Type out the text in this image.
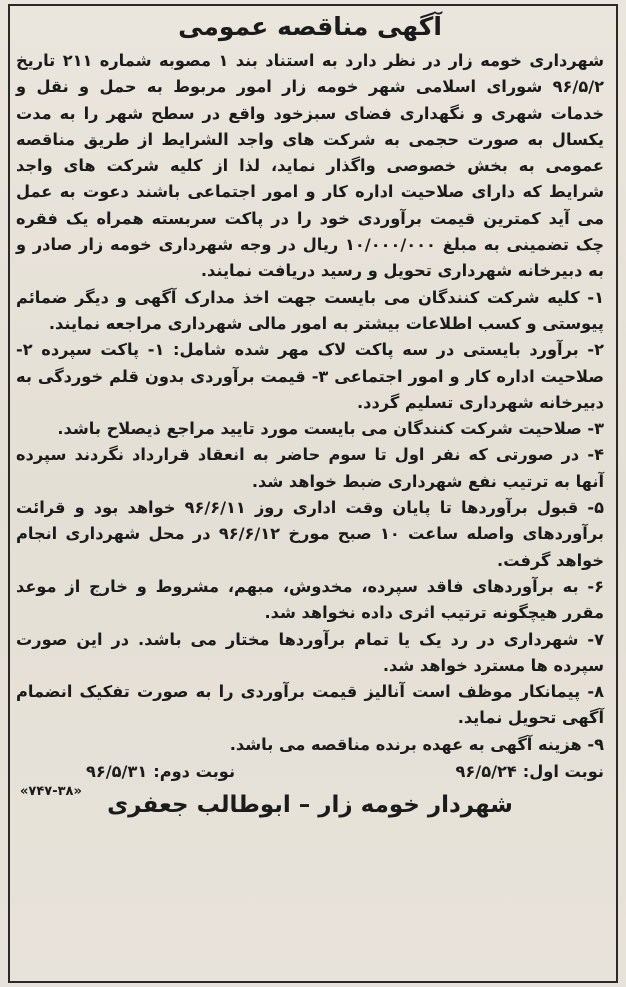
آگهی مناقصه عمومی

شهرداری خومه زار در نظر دارد به استناد بند ۱ مصوبه شماره ۲۱۱ تاریخ ۹۶/۵/۲ شورای اسلامی شهر خومه زار امور مربوط به حمل و نقل و خدمات شهری و نگهداری فضای سبزخود واقع در سطح شهر را به مدت یکسال به صورت حجمی به شرکت های واجد الشرایط از طریق مناقصه عمومی به بخش خصوصی واگذار نماید، لذا از کلیه شرکت های واجد شرایط که دارای صلاحیت اداره کار و امور اجتماعی باشند دعوت به عمل می آید کمترین قیمت برآوردی خود را در پاکت سربسته همراه یک فقره چک تضمینی به مبلغ ۱۰/۰۰۰/۰۰۰ ریال در وجه شهرداری خومه زار صادر و به دبیرخانه شهرداری تحویل و رسید دریافت نمایند.

۱- کلیه شرکت کنندگان می بایست جهت اخذ مدارک آگهی و دیگر ضمائم پیوستی و کسب اطلاعات بیشتر به امور مالی شهرداری مراجعه نمایند.

۲- برآورد بایستی در سه پاکت لاک مهر شده شامل: ۱- پاکت سپرده ۲- صلاحیت اداره کار و امور اجتماعی ۳- قیمت برآوردی بدون قلم خوردگی به دبیرخانه شهرداری تسلیم گردد.

۳- صلاحیت شرکت کنندگان می بایست مورد تایید مراجع ذیصلاح باشد.

۴- در صورتی که نفر اول تا سوم حاضر به انعقاد قرارداد نگردند سپرده آنها به ترتیب نفع شهرداری ضبط خواهد شد.

۵- قبول برآوردها تا پایان وقت اداری روز ۹۶/۶/۱۱ خواهد بود و قرائت برآوردهای واصله ساعت ۱۰ صبح مورخ ۹۶/۶/۱۲ در محل شهرداری انجام خواهد گرفت.

۶- به برآوردهای فاقد سپرده، مخدوش، مبهم، مشروط و خارج از موعد مقرر هیچگونه ترتیب اثری داده نخواهد شد.

۷- شهرداری در رد یک یا تمام برآوردها مختار می باشد. در این صورت سپرده ها مسترد خواهد شد.

۸- پیمانکار موظف است آنالیز قیمت برآوردی را به صورت تفکیک انضمام آگهی تحویل نماید.

۹- هزینه آگهی به عهده برنده مناقصه می باشد.

نوبت اول:
۹۶/۵/۲۴
نوبت دوم:
۹۶/۵/۳۱
شهردار خومه زار – ابوطالب جعفری
«۷۴۷-۳۸»
